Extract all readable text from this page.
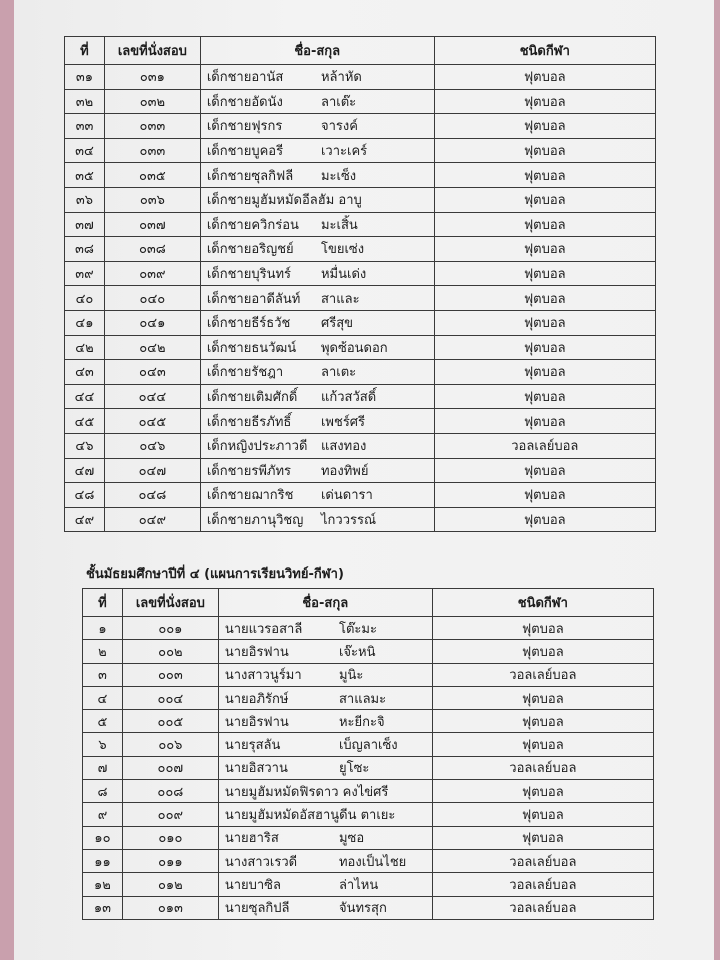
ที่	เลขที่นั่งสอบ	ชื่อ-สกุล	ชนิดกีฬา
๓๑	๐๓๑	เด็กชายอานัส หล้าหัด	ฟุตบอล
๓๒	๐๓๒	เด็กชายอัดนัง ลาเต๊ะ	ฟุตบอล
๓๓	๐๓๓	เด็กชายฟุรกร จารงค์	ฟุตบอล
๓๔	๐๓๓	เด็กชายบูคอรี เวาะเคร์	ฟุตบอล
๓๕	๐๓๕	เด็กชายซุลกิฟลี มะเซ็ง	ฟุตบอล
๓๖	๐๓๖	เด็กชายมูฮัมหมัดอีลฮัม อาบู	ฟุตบอล
๓๗	๐๓๗	เด็กชายควิกร่อน มะเสิ้น	ฟุตบอล
๓๘	๐๓๘	เด็กชายอริญชย์ โขยเซ่ง	ฟุตบอล
๓๙	๐๓๙	เด็กชายบุรินทร์ หมื่นเด่ง	ฟุตบอล
๔๐	๐๔๐	เด็กชายอาดีลันท์ สาและ	ฟุตบอล
๔๑	๐๔๑	เด็กชายธีร์ธวัช ศรีสุข	ฟุตบอล
๔๒	๐๔๒	เด็กชายธนวัฒน์ พุดซ้อนดอก	ฟุตบอล
๔๓	๐๔๓	เด็กชายรัชฎา ลาเตะ	ฟุตบอล
๔๔	๐๔๔	เด็กชายเติมศักดิ์ แก้วสวัสดิ์	ฟุตบอล
๔๕	๐๔๕	เด็กชายธีรภัทธิ์ เพชร์ศรี	ฟุตบอล
๔๖	๐๔๖	เด็กหญิงประภาวดี แสงทอง	วอลเลย์บอล
๔๗	๐๔๗	เด็กชายรพีภัทร ทองทิพย์	ฟุตบอล
๔๘	๐๔๘	เด็กชายฌากริช เด่นดารา	ฟุตบอล
๔๙	๐๔๙	เด็กชายภานุวิชญ ไกววรรณ์	ฟุตบอล
ชั้นมัธยมศึกษาปีที่ ๔ (แผนการเรียนวิทย์-กีฬา)
ที่	เลขที่นั่งสอบ	ชื่อ-สกุล	ชนิดกีฬา
๑	๐๐๑	นายแวรอสาลี โต๊ะมะ	ฟุตบอล
๒	๐๐๒	นายอิรฟาน เจ๊ะหนิ	ฟุตบอล
๓	๐๐๓	นางสาวนูร์มา มูนิะ	วอลเลย์บอล
๔	๐๐๔	นายอภิรักษ์ สาแลมะ	ฟุตบอล
๕	๐๐๕	นายอิรฟาน หะยีกะจิ	ฟุตบอล
๖	๐๐๖	นายรุสลัน เบ็ญลาเซ็ง	ฟุตบอล
๗	๐๐๗	นายอิสวาน ยูโซะ	วอลเลย์บอล
๘	๐๐๘	นายมูฮัมหมัดฟิรดาว คงไข่ศรี	ฟุตบอล
๙	๐๐๙	นายมูฮัมหมัดอัสฮานูดีน ตาเยะ	ฟุตบอล
๑๐	๐๑๐	นายฮาริส มูซอ	ฟุตบอล
๑๑	๐๑๑	นางสาวเรวดี ทองเป็นไชย	วอลเลย์บอล
๑๒	๐๑๒	นายบาซิล ล่าไหน	วอลเลย์บอล
๑๓	๐๑๓	นายซุลกิปลี จันทรสุก	วอลเลย์บอล
